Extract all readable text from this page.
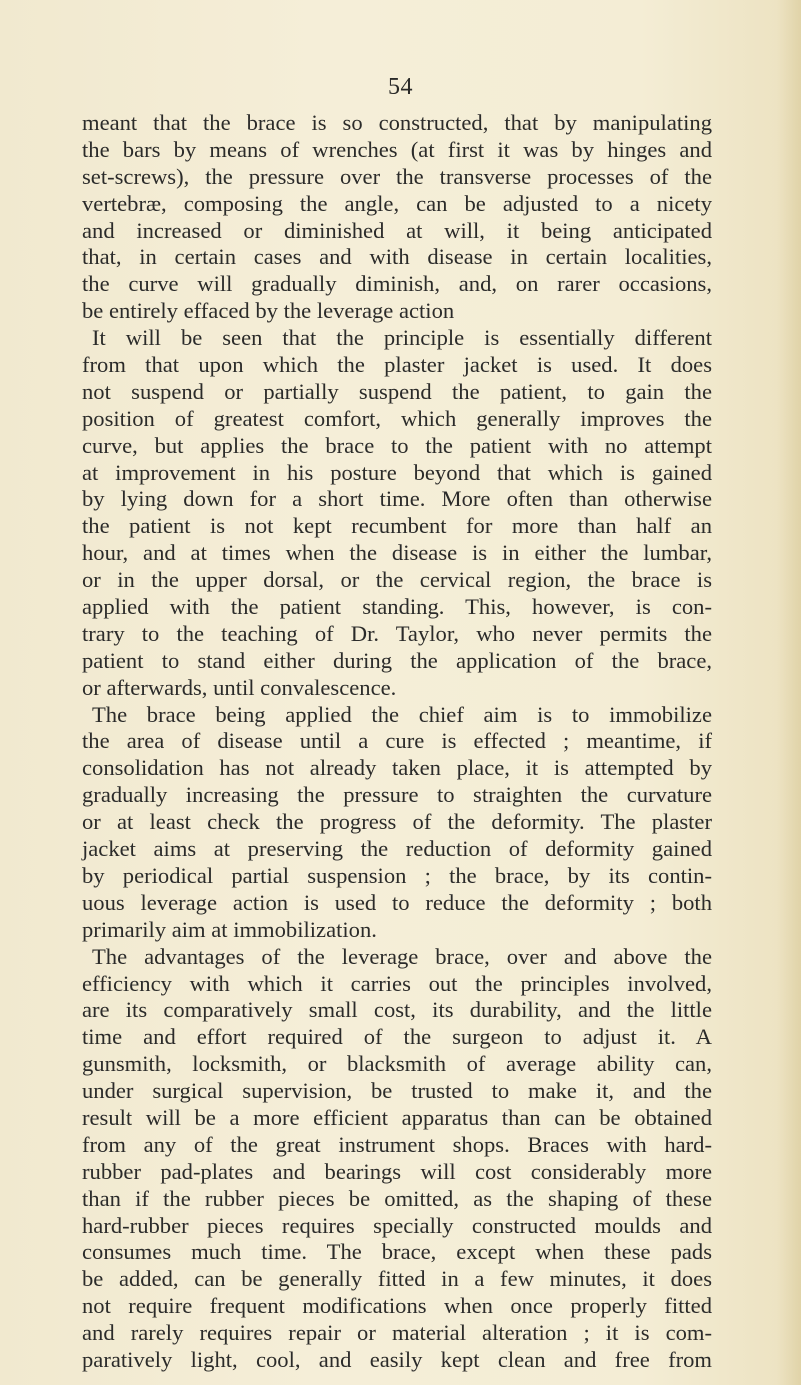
54
meant that the brace is so constructed, that by manipulating
the bars by means of wrenches (at first it was by hinges and
set-screws), the pressure over the transverse processes of the
vertebræ, composing the angle, can be adjusted to a nicety
and increased or diminished at will, it being anticipated
that, in certain cases and with disease in certain localities,
the curve will gradually diminish, and, on rarer occasions,
be entirely effaced by the leverage action
It will be seen that the principle is essentially different
from that upon which the plaster jacket is used. It does
not suspend or partially suspend the patient, to gain the
position of greatest comfort, which generally improves the
curve, but applies the brace to the patient with no attempt
at improvement in his posture beyond that which is gained
by lying down for a short time. More often than otherwise
the patient is not kept recumbent for more than half an
hour, and at times when the disease is in either the lumbar,
or in the upper dorsal, or the cervical region, the brace is
applied with the patient standing. This, however, is con-
trary to the teaching of Dr. Taylor, who never permits the
patient to stand either during the application of the brace,
or afterwards, until convalescence.
The brace being applied the chief aim is to immobilize
the area of disease until a cure is effected ; meantime, if
consolidation has not already taken place, it is attempted by
gradually increasing the pressure to straighten the curvature
or at least check the progress of the deformity. The plaster
jacket aims at preserving the reduction of deformity gained
by periodical partial suspension ; the brace, by its contin-
uous leverage action is used to reduce the deformity ; both
primarily aim at immobilization.
The advantages of the leverage brace, over and above the
efficiency with which it carries out the principles involved,
are its comparatively small cost, its durability, and the little
time and effort required of the surgeon to adjust it. A
gunsmith, locksmith, or blacksmith of average ability can,
under surgical supervision, be trusted to make it, and the
result will be a more efficient apparatus than can be obtained
from any of the great instrument shops. Braces with hard-
rubber pad-plates and bearings will cost considerably more
than if the rubber pieces be omitted, as the shaping of these
hard-rubber pieces requires specially constructed moulds and
consumes much time. The brace, except when these pads
be added, can be generally fitted in a few minutes, it does
not require frequent modifications when once properly fitted
and rarely requires repair or material alteration ; it is com-
paratively light, cool, and easily kept clean and free from
